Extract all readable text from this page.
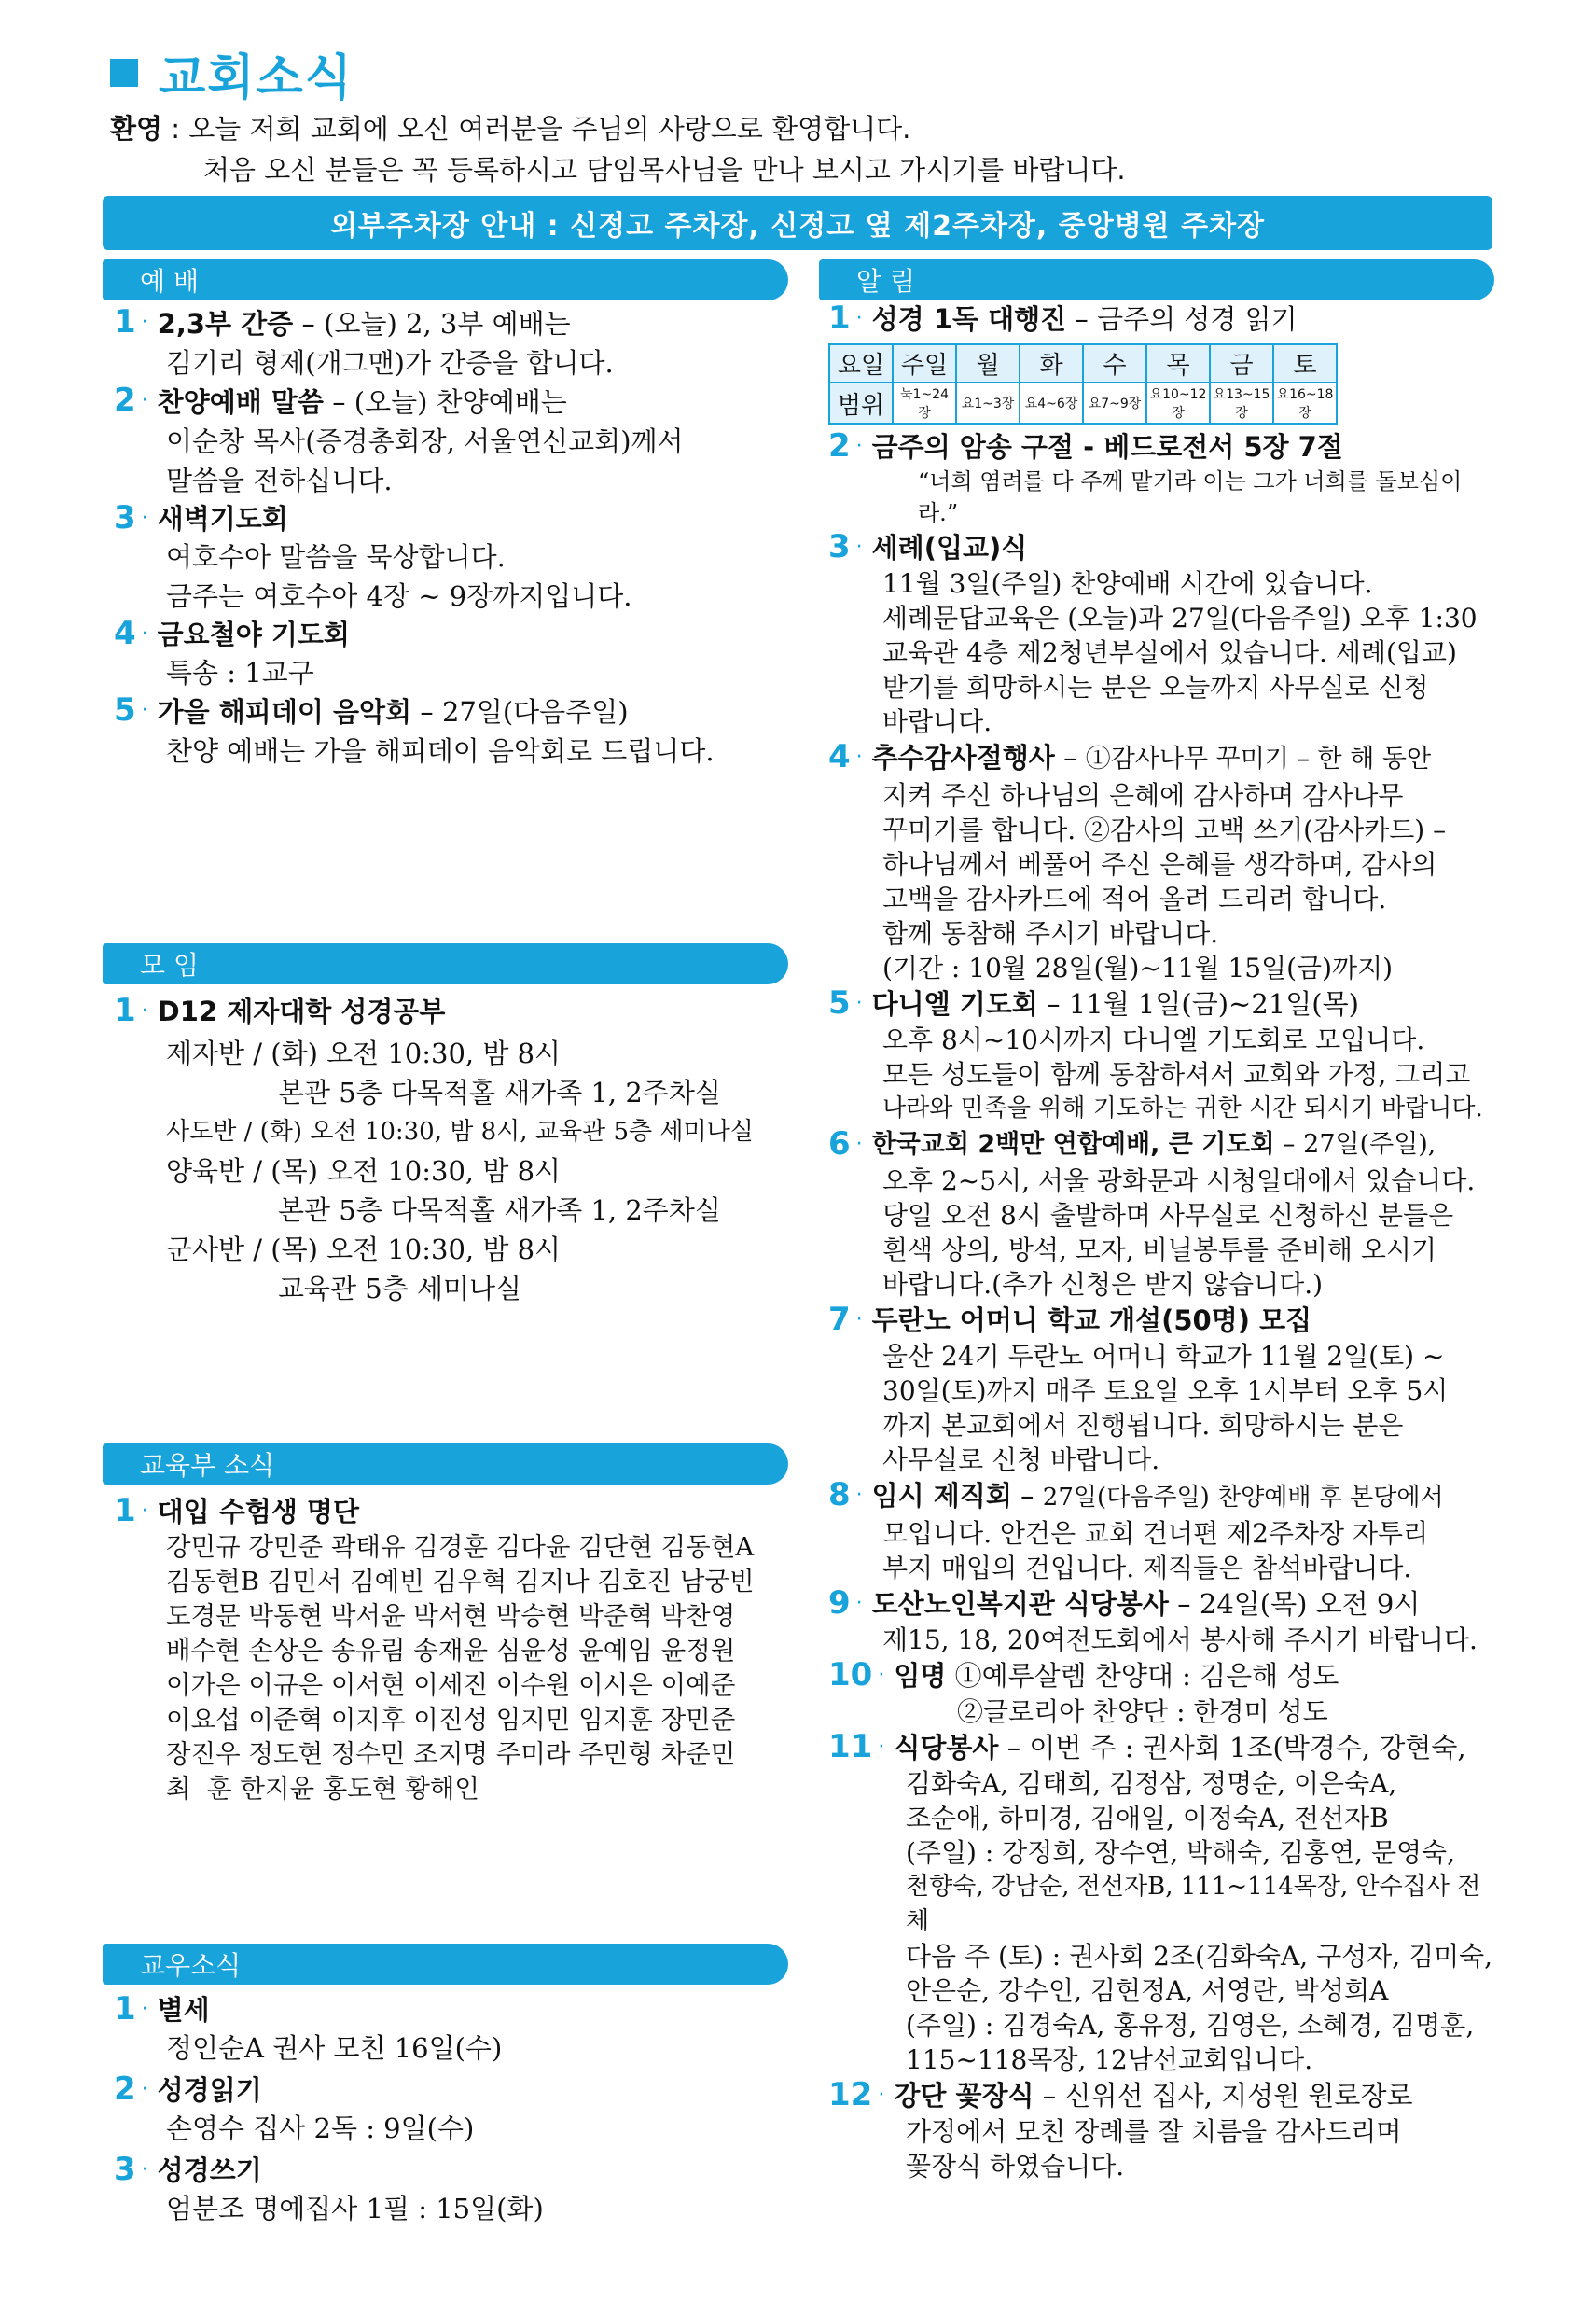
교회소식
환영 : 오늘 저희 교회에 오신 여러분을 주님의 사랑으로 환영합니다.
처음 오신 분들은 꼭 등록하시고 담임목사님을 만나 보시고 가시기를 바랍니다.
외부주차장 안내 : 신정고 주차장, 신정고 옆 제2주차장, 중앙병원 주차장
예 배	알 림
모 임
교육부 소식
교우소식
1 · 2,3부 간증 – (오늘) 2, 3부 예배는
김기리 형제(개그맨)가 간증을 합니다.
2 · 찬양예배 말씀 – (오늘) 찬양예배는
이순창 목사(증경총회장, 서울연신교회)께서
말씀을 전하십니다.
3 · 새벽기도회
여호수아 말씀을 묵상합니다.
금주는 여호수아 4장 ~ 9장까지입니다.
4 · 금요철야 기도회
특송 : 1교구
5 · 가을 해피데이 음악회 – 27일(다음주일)
찬양 예배는 가을 해피데이 음악회로 드립니다.
1 · D12 제자대학 성경공부
제자반 / (화) 오전 10:30, 밤 8시
본관 5층 다목적홀 새가족 1, 2주차실
사도반 / (화) 오전 10:30, 밤 8시, 교육관 5층 세미나실
양육반 / (목) 오전 10:30, 밤 8시
본관 5층 다목적홀 새가족 1, 2주차실
군사반 / (목) 오전 10:30, 밤 8시
교육관 5층 세미나실
1 · 대입 수험생 명단
강민규 강민준 곽태유 김경훈 김다윤 김단현 김동현A
김동현B 김민서 김예빈 김우혁 김지나 김호진 남궁빈
도경문 박동현 박서윤 박서현 박승현 박준혁 박찬영
배수현 손상은 송유림 송재윤 심윤성 윤예임 윤정원
이가은 이규은 이서현 이세진 이수원 이시은 이예준
이요섭 이준혁 이지후 이진성 임지민 임지훈 장민준
장진우 정도현 정수민 조지명 주미라 주민형 차준민
최  훈 한지윤 홍도현 황해인
1 · 별세
정인순A 권사 모친 16일(수)
2 · 성경읽기
손영수 집사 2독 : 9일(수)
3 · 성경쓰기
엄분조 명예집사 1필 : 15일(화)
1 · 성경 1독 대행진 – 금주의 성경 읽기
요일	주일	월	화	수	목	금	토
범위	눅1~24장	요1~3장	요4~6장	요7~9장	요10~12장	요13~15장	요16~18장
2 · 금주의 암송 구절 - 베드로전서 5장 7절
“너희 염려를 다 주께 맡기라 이는 그가 너희를 돌보심이라.”
3 · 세례(입교)식
11월 3일(주일) 찬양예배 시간에 있습니다.
세례문답교육은 (오늘)과 27일(다음주일) 오후 1:30
교육관 4층 제2청년부실에서 있습니다. 세례(입교)
받기를 희망하시는 분은 오늘까지 사무실로 신청
바랍니다.
4 · 추수감사절행사 – ①감사나무 꾸미기 – 한 해 동안
지켜 주신 하나님의 은혜에 감사하며 감사나무
꾸미기를 합니다. ②감사의 고백 쓰기(감사카드) –
하나님께서 베풀어 주신 은혜를 생각하며, 감사의
고백을 감사카드에 적어 올려 드리려 합니다.
함께 동참해 주시기 바랍니다.
(기간 : 10월 28일(월)~11월 15일(금)까지)
5 · 다니엘 기도회 – 11월 1일(금)~21일(목)
오후 8시~10시까지 다니엘 기도회로 모입니다.
모든 성도들이 함께 동참하셔서 교회와 가정, 그리고
나라와 민족을 위해 기도하는 귀한 시간 되시기 바랍니다.
6 · 한국교회 2백만 연합예배, 큰 기도회 – 27일(주일),
오후 2~5시, 서울 광화문과 시청일대에서 있습니다.
당일 오전 8시 출발하며 사무실로 신청하신 분들은
흰색 상의, 방석, 모자, 비닐봉투를 준비해 오시기
바랍니다.(추가 신청은 받지 않습니다.)
7 · 두란노 어머니 학교 개설(50명) 모집
울산 24기 두란노 어머니 학교가 11월 2일(토) ~
30일(토)까지 매주 토요일 오후 1시부터 오후 5시
까지 본교회에서 진행됩니다. 희망하시는 분은
사무실로 신청 바랍니다.
8 · 임시 제직회 – 27일(다음주일) 찬양예배 후 본당에서
모입니다. 안건은 교회 건너편 제2주차장 자투리
부지 매입의 건입니다. 제직들은 참석바랍니다.
9 · 도산노인복지관 식당봉사 – 24일(목) 오전 9시
제15, 18, 20여전도회에서 봉사해 주시기 바랍니다.
10 · 임명 ①예루살렘 찬양대 : 김은해 성도
②글로리아 찬양단 : 한경미 성도
11 · 식당봉사 – 이번 주 : 권사회 1조(박경수, 강현숙,
김화숙A, 김태희, 김정삼, 정명순, 이은숙A,
조순애, 하미경, 김애일, 이정숙A, 전선자B
(주일) : 강정희, 장수연, 박해숙, 김홍연, 문영숙,
천향숙, 강남순, 전선자B, 111~114목장, 안수집사 전체
다음 주 (토) : 권사회 2조(김화숙A, 구성자, 김미숙,
안은순, 강수인, 김현정A, 서영란, 박성희A
(주일) : 김경숙A, 홍유정, 김영은, 소혜경, 김명훈,
115~118목장, 12남선교회입니다.
12 · 강단 꽃장식 – 신위선 집사, 지성원 원로장로
가정에서 모친 장례를 잘 치름을 감사드리며
꽃장식 하였습니다.
